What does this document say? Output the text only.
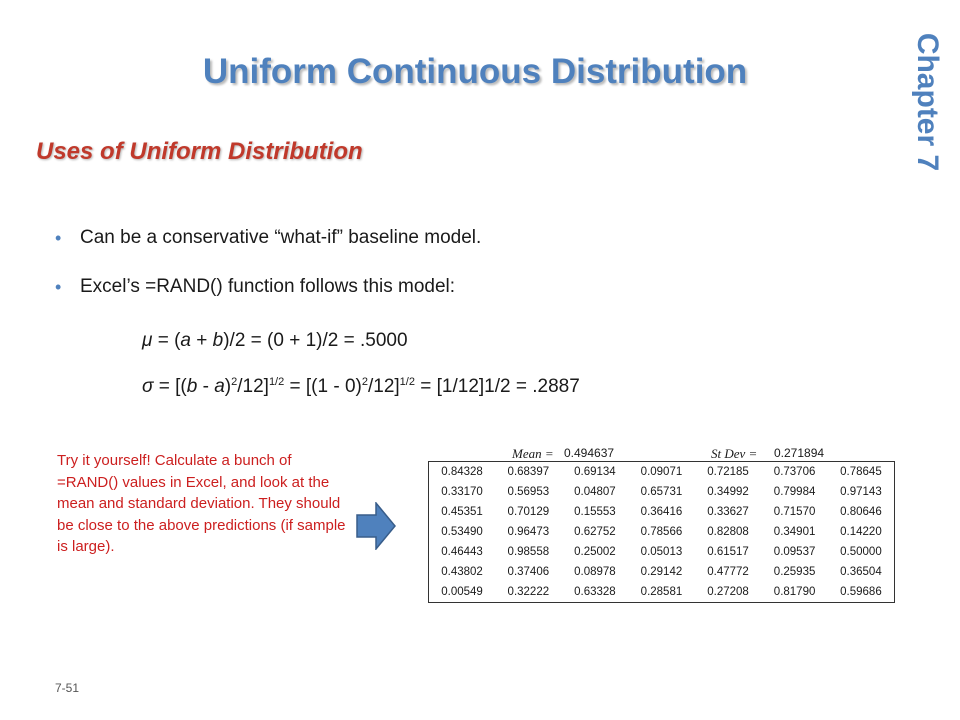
Uniform Continuous Distribution	Chapter 7
Uses of Uniform Distribution
• Can be a conservative “what-if” baseline model.
• Excel’s =RAND() function follows this model:
μ = (a + b)/2 = (0 + 1)/2 = .5000
σ = [(b - a)$^2$/12]$^{1/2}$ = [(1 - 0)$^2$/12]$^{1/2}$ = [1/12]1/2 = .2887
Try it yourself! Calculate a bunch of =RAND() values in Excel, and look at the mean and standard deviation. They should be close to the above predictions (if sample is large).
Mean = 0.494637	St Dev = 0.271894
0.84328	0.68397	0.69134	0.09071	0.72185	0.73706	0.78645
0.33170	0.56953	0.04807	0.65731	0.34992	0.79984	0.97143
0.45351	0.70129	0.15553	0.36416	0.33627	0.71570	0.80646
0.53490	0.96473	0.62752	0.78566	0.82808	0.34901	0.14220
0.46443	0.98558	0.25002	0.05013	0.61517	0.09537	0.50000
0.43802	0.37406	0.08978	0.29142	0.47772	0.25935	0.36504
0.00549	0.32222	0.63328	0.28581	0.27208	0.81790	0.59686
7-51
